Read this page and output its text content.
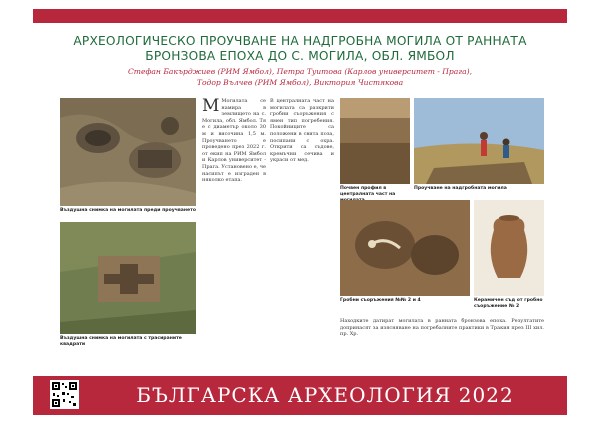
АРХЕОЛОГИЧЕСКО ПРОУЧВАНЕ НА НАДГРОБНА МОГИЛА ОТ РАННАТА БРОНЗОВА ЕПОХА ДО С. МОГИЛА, ОБЛ. ЯМБОЛ
Стефан Бакърджиев (РИМ Ямбол), Петра Туитова (Карлов университет - Прага),
Тодор Вълчев (РИМ Ямбол), Виктория Чистякова
Въздушна снимка на могилата преди проучването
Въздушна снимка на могилата с трасираните квадрати

М Могилата се намира в землището на с. Могила, обл. Ямбол. Тя е с диаметър около 30 м и височина 1,5 м. Проучването е проведено през 2022 г. от екип на РИМ Ямбол и Карлов университет - Прага. Установено е, че насипът е изграден в няколко етапа.

В централната част на могилата са разкрити гробни съоръжения с ямен тип погребения. Покойниците са положени в свита поза, посипани с охра. Открити са съдове, кремъчни сечива и украси от мед.

Почвен профил в централната част на
Проучване на надгробната могила
Гробни съоръжения №№ 2 и 4	Керамичен съд от гробно съоръжение № 2

Находките датират могилата в ранната бронзова епоха. Резултатите допринасят за изясняване на погребалните практики в Тракия през III хил. пр. Хр.

БЪЛГАРСКА АРХЕОЛОГИЯ 2022
